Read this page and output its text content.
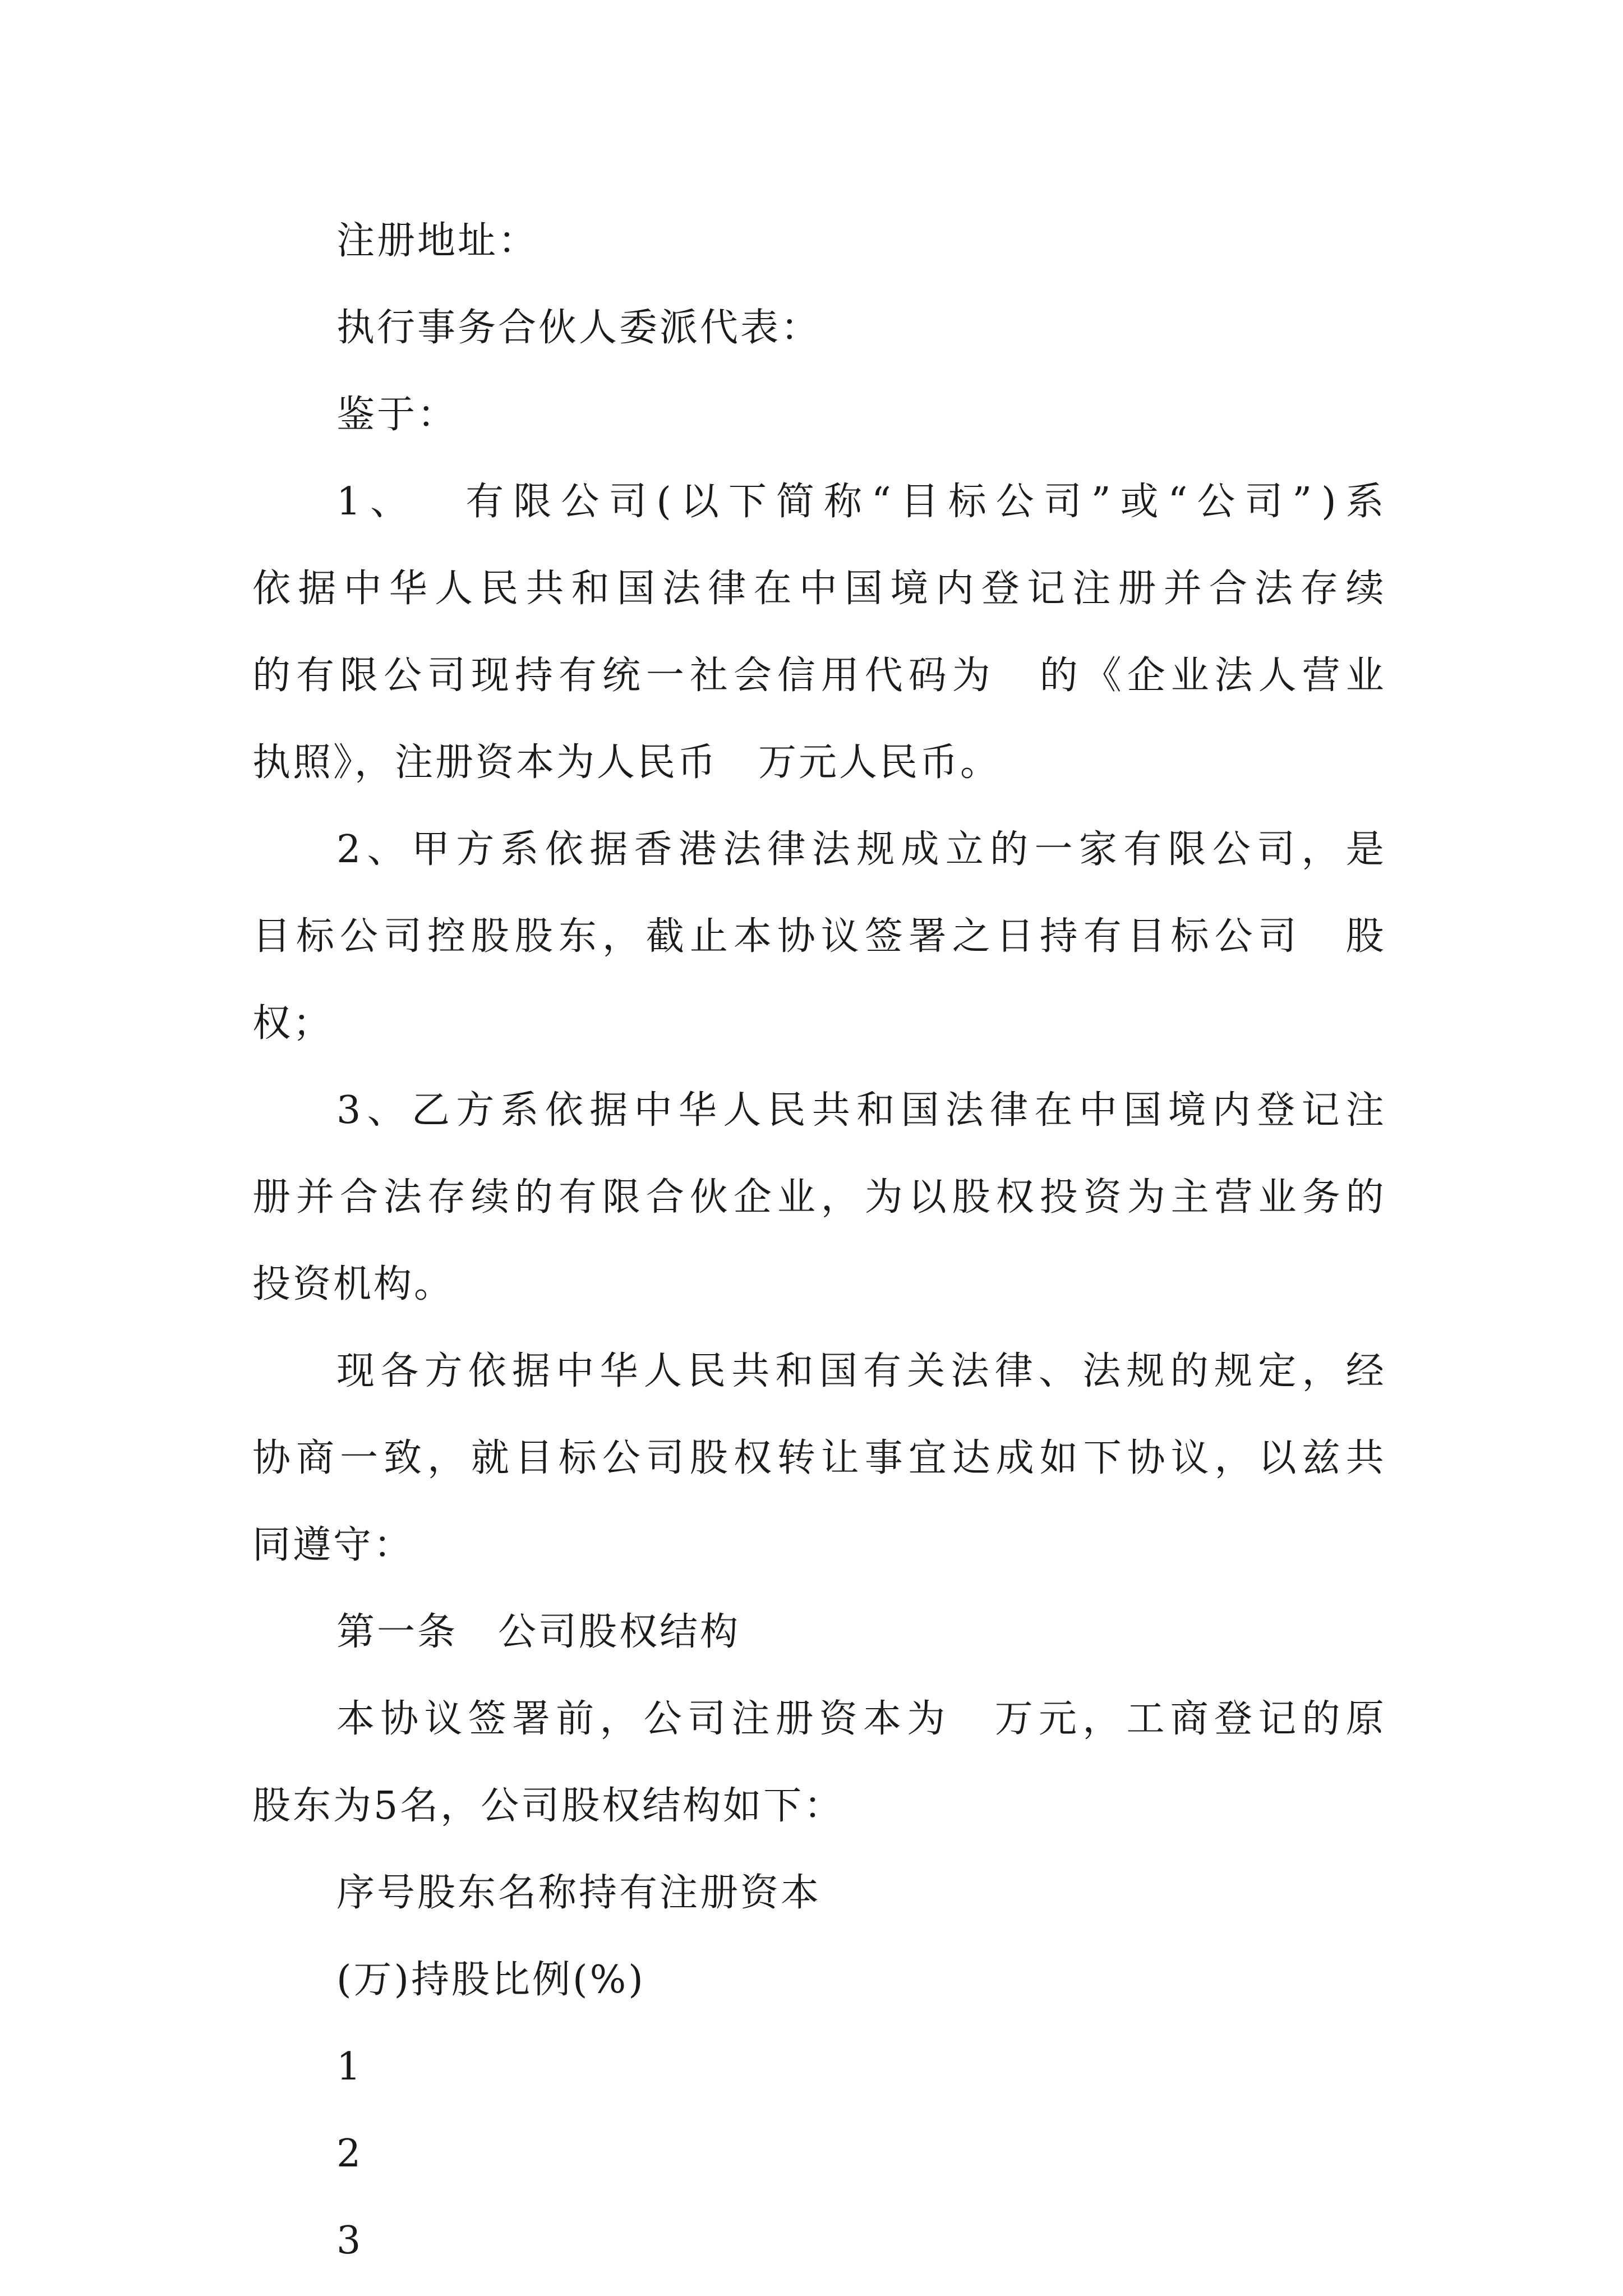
注册地址：
执行事务合伙人委派代表：
鉴于：
1 、
　 有 限 公 司 ( 以 下 简 称 “ 目 标 公 司 ” 或 “ 公 司 ” ) 系
依 据 中 华 人 民 共 和 国 法 律 在 中 国 境 内 登 记 注 册 并 合 法 存 续
的 有 限 公 司 现 持 有 统 一 社 会 信 用 代 码 为
　 的 《 企 业 法 人 营 业
执照》，注册资本为人民币　万元人民币。
2 、 甲 方 系 依 据 香 港 法 律 法 规 成 立 的 一 家 有 限 公 司 ， 是
目 标 公 司 控 股 股 东 ， 截 止 本 协 议 签 署 之 日 持 有 目 标 公 司
　 股
权；
3 、 乙 方 系 依 据 中 华 人 民 共 和 国 法 律 在 中 国 境 内 登 记 注
册 并 合 法 存 续 的 有 限 合 伙 企 业 ， 为 以 股 权 投 资 为 主 营 业 务 的
投资机构。
现 各 方 依 据 中 华 人 民 共 和 国 有 关 法 律 、 法 规 的 规 定 ， 经
协 商 一 致 ， 就 目 标 公 司 股 权 转 让 事 宜 达 成 如 下 协 议 ， 以 兹 共
同遵守：
第一条　公司股权结构
本 协 议 签 署 前 ， 公 司 注 册 资 本 为
　 万 元 ， 工 商 登 记 的 原
股东为5名，公司股权结构如下：
序号股东名称持有注册资本
(万)持股比例(%)
1
2
3
